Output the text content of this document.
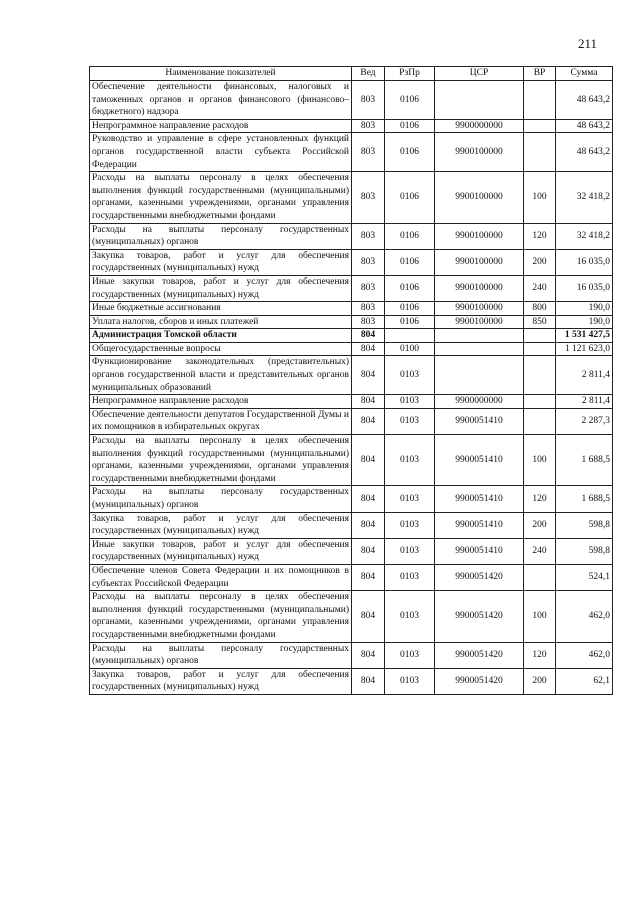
211
Наименование показателей	Вед	РзПр	ЦСР	ВР	Сумма
Обеспечение деятельности финансовых, налоговых и таможенных органов и органов финансового (финансово–бюджетного) надзора	803	0106			48 643,2
Непрограммное направление расходов	803	0106	9900000000		48 643,2
Руководство и управление в сфере установленных функций органов государственной власти субъекта Российской Федерации	803	0106	9900100000		48 643,2
Расходы на выплаты персоналу в целях обеспечения выполнения функций государственными (муниципальными) органами, казенными учреждениями, органами управления государственными внебюджетными фондами	803	0106	9900100000	100	32 418,2
Расходы на выплаты персоналу государственных (муниципальных) органов	803	0106	9900100000	120	32 418,2
Закупка товаров, работ и услуг для обеспечения государственных (муниципальных) нужд	803	0106	9900100000	200	16 035,0
Иные закупки товаров, работ и услуг для обеспечения государственных (муниципальных) нужд	803	0106	9900100000	240	16 035,0
Иные бюджетные ассигнования	803	0106	9900100000	800	190,0
Уплата налогов, сборов и иных платежей	803	0106	9900100000	850	190,0
Администрация Томской области	804				1 531 427,5
Общегосударственные вопросы	804	0100			1 121 623,0
Функционирование законодательных (представительных) органов государственной власти и представительных органов муниципальных образований	804	0103			2 811,4
Непрограммное направление расходов	804	0103	9900000000		2 811,4
Обеспечение деятельности депутатов Государственной Думы и их помощников в избирательных округах	804	0103	9900051410		2 287,3
Расходы на выплаты персоналу в целях обеспечения выполнения функций государственными (муниципальными) органами, казенными учреждениями, органами управления государственными внебюджетными фондами	804	0103	9900051410	100	1 688,5
Расходы на выплаты персоналу государственных (муниципальных) органов	804	0103	9900051410	120	1 688,5
Закупка товаров, работ и услуг для обеспечения государственных (муниципальных) нужд	804	0103	9900051410	200	598,8
Иные закупки товаров, работ и услуг для обеспечения государственных (муниципальных) нужд	804	0103	9900051410	240	598,8
Обеспечение членов Совета Федерации и их помощников в субъектах Российской Федерации	804	0103	9900051420		524,1
Расходы на выплаты персоналу в целях обеспечения выполнения функций государственными (муниципальными) органами, казенными учреждениями, органами управления государственными внебюджетными фондами	804	0103	9900051420	100	462,0
Расходы на выплаты персоналу государственных (муниципальных) органов	804	0103	9900051420	120	462,0
Закупка товаров, работ и услуг для обеспечения государственных (муниципальных) нужд	804	0103	9900051420	200	62,1
